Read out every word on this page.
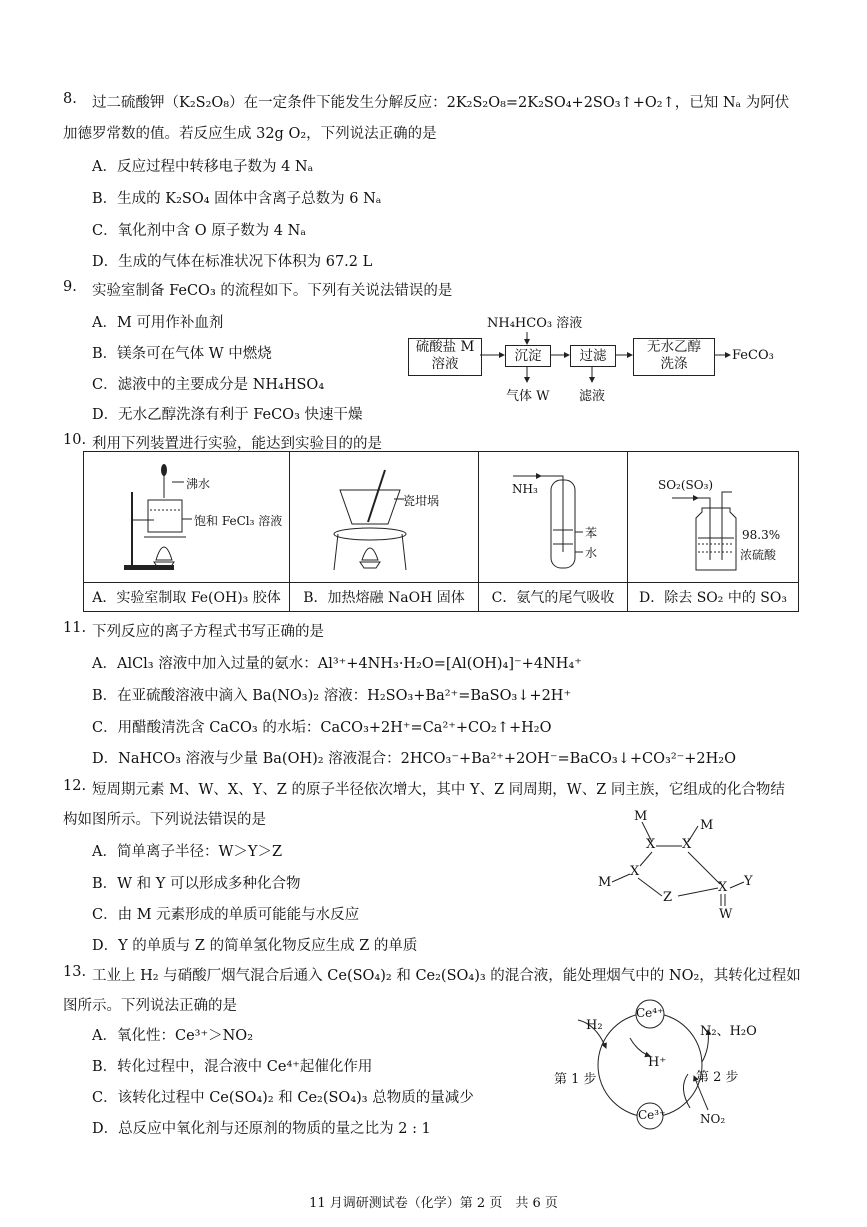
8. 过二硫酸钾（K₂S₂O₈）在一定条件下能发生分解反应：2K₂S₂O₈=2K₂SO₄+2SO₃↑+O₂↑，已知 Nₐ 为阿伏
加德罗常数的值。若反应生成 32g O₂，下列说法正确的是
A．反应过程中转移电子数为 4 Nₐ
B．生成的 K₂SO₄ 固体中含离子总数为 6 Nₐ
C．氧化剂中含 O 原子数为 4 Nₐ
D．生成的气体在标准状况下体积为 67.2 L
9. 实验室制备 FeCO₃ 的流程如下。下列有关说法错误的是
A．M 可用作补血剂
B．镁条可在气体 W 中燃烧
C．滤液中的主要成分是 NH₄HSO₄
D．无水乙醇洗涤有利于 FeCO₃ 快速干燥
NH₄HCO₃ 溶液
硫酸盐 M
溶液	沉淀	过滤
无水乙醇
洗涤
FeCO₃
气体 W 滤液
10. 利用下列装置进行实验，能达到实验目的的是
沸水
饱和 FeCl₃ 溶液	瓷坩埚	NH₃
苯
水	SO₂(SO₃)
98.3%
浓硫酸

A．实验室制取 Fe(OH)₃ 胶体	B．加热熔融 NaOH 固体	C．氨气的尾气吸收	D．除去 SO₂ 中的 SO₃
11. 下列反应的离子方程式书写正确的是
A．AlCl₃ 溶液中加入过量的氨水：Al³⁺+4NH₃·H₂O=[Al(OH)₄]⁻+4NH₄⁺
B．在亚硫酸溶液中滴入 Ba(NO₃)₂ 溶液：H₂SO₃+Ba²⁺=BaSO₃↓+2H⁺
C．用醋酸清洗含 CaCO₃ 的水垢：CaCO₃+2H⁺=Ca²⁺+CO₂↑+H₂O
D．NaHCO₃ 溶液与少量 Ba(OH)₂ 溶液混合：2HCO₃⁻+Ba²⁺+2OH⁻=BaCO₃↓+CO₃²⁻+2H₂O
12. 短周期元素 M、W、X、Y、Z 的原子半径依次增大，其中 Y、Z 同周期，W、Z 同主族，它组成的化合物结
构如图所示。下列说法错误的是
A．简单离子半径：W＞Y＞Z
B．W 和 Y 可以形成多种化合物
C．由 M 元素形成的单质可能能与水反应
D．Y 的单质与 Z 的简单氢化物反应生成 Z 的单质
M
M
X X
M
X
Z
X Y
W
13. 工业上 H₂ 与硝酸厂烟气混合后通入 Ce(SO₄)₂ 和 Ce₂(SO₄)₃ 的混合液，能处理烟气中的 NO₂，其转化过程如
图所示。下列说法正确的是
A．氧化性：Ce³⁺＞NO₂
B．转化过程中，混合液中 Ce⁴⁺起催化作用
C．该转化过程中 Ce(SO₄)₂ 和 Ce₂(SO₄)₃ 总物质的量减少
D．总反应中氧化剂与还原剂的物质的量之比为 2 : 1
Ce⁴⁺
Ce³⁺
H₂
H⁺
N₂、H₂O
NO₂
第 1 步	第 2 步
11 月调研测试卷（化学）第 2 页　共 6 页
